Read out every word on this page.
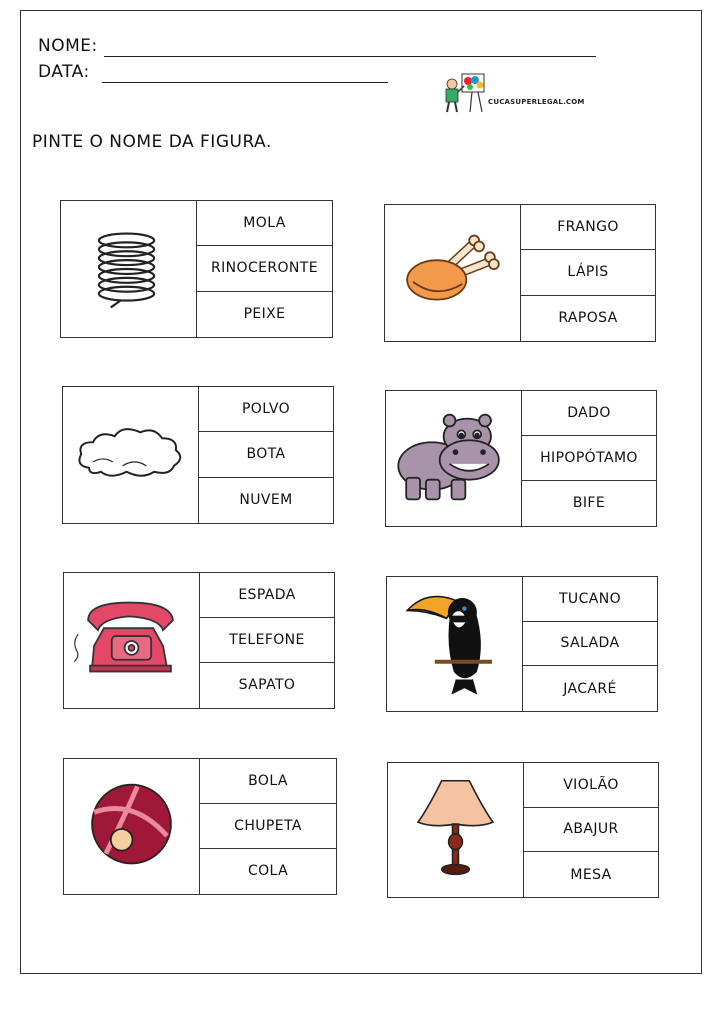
NOME:
DATA:
CUCASUPERLEGAL.COM
PINTE O NOME DA FIGURA.
MOLA
RINOCERONTE
PEIXE
FRANGO
LÁPIS
RAPOSA
POLVO
BOTA
NUVEM
DADO
HIPOPÓTAMO
BIFE
ESPADA
TELEFONE
SAPATO
TUCANO
SALADA
JACARÉ
BOLA
CHUPETA
COLA
VIOLÃO
ABAJUR
MESA
